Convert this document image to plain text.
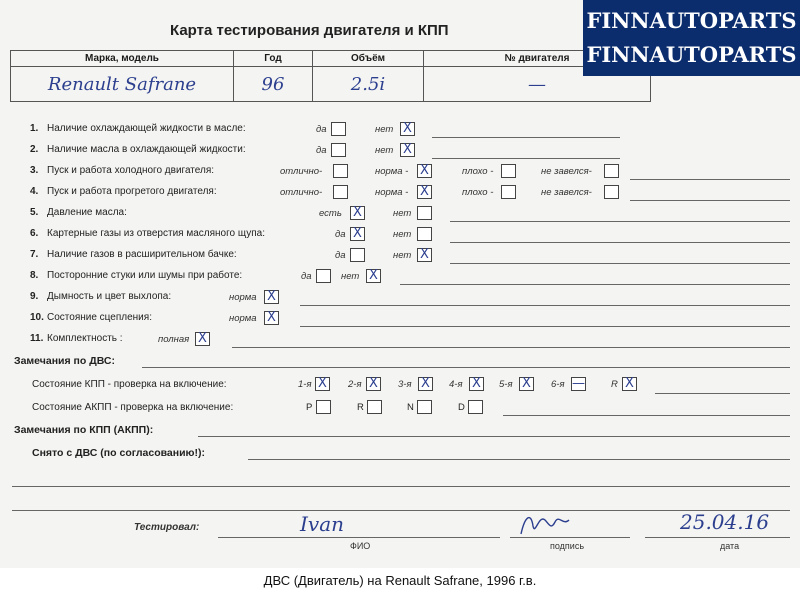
Карта тестирования двигателя и КПП
Марка, модель	Год	Объём	№ двигателя
Renault Safrane	96	2.5i	—
FINNAUTOPARTS
FINNAUTOPARTS
1. Наличие охлаждающей жидкости в масле:	да	нет X
2. Наличие масла в охлаждающей жидкости:	да	нет X
3. Пуск и работа холодного двигателя:	отлично-	норма - X	плохо -	не завелся-
4. Пуск и работа прогретого двигателя:	отлично-	норма - X	плохо -	не завелся-
5. Давление масла:	есть X	нет
6. Картерные газы из отверстия масляного щупа:	да X	нет
7. Наличие газов в расширительном бачке:	да	нет X
8. Посторонние стуки или шумы при работе:	да	нет X
9. Дымность и цвет выхлопа:	норма X
10. Состояние сцепления:	норма X
11. Комплектность :	полная X
Замечания по ДВС:
Состояние КПП - проверка на включение:	1-я X	2-я X	3-я X	4-я X	5-я X	6-я —	R X
Состояние АКПП - проверка на включение:	P	R	N	D
Замечания по КПП (АКПП):
Снято с ДВС (по согласованию!):
Тестировал:	Ivan
ФИО	подпись
25.04.16
дата
ДВС (Двигатель) на Renault Safrane, 1996 г.в.
